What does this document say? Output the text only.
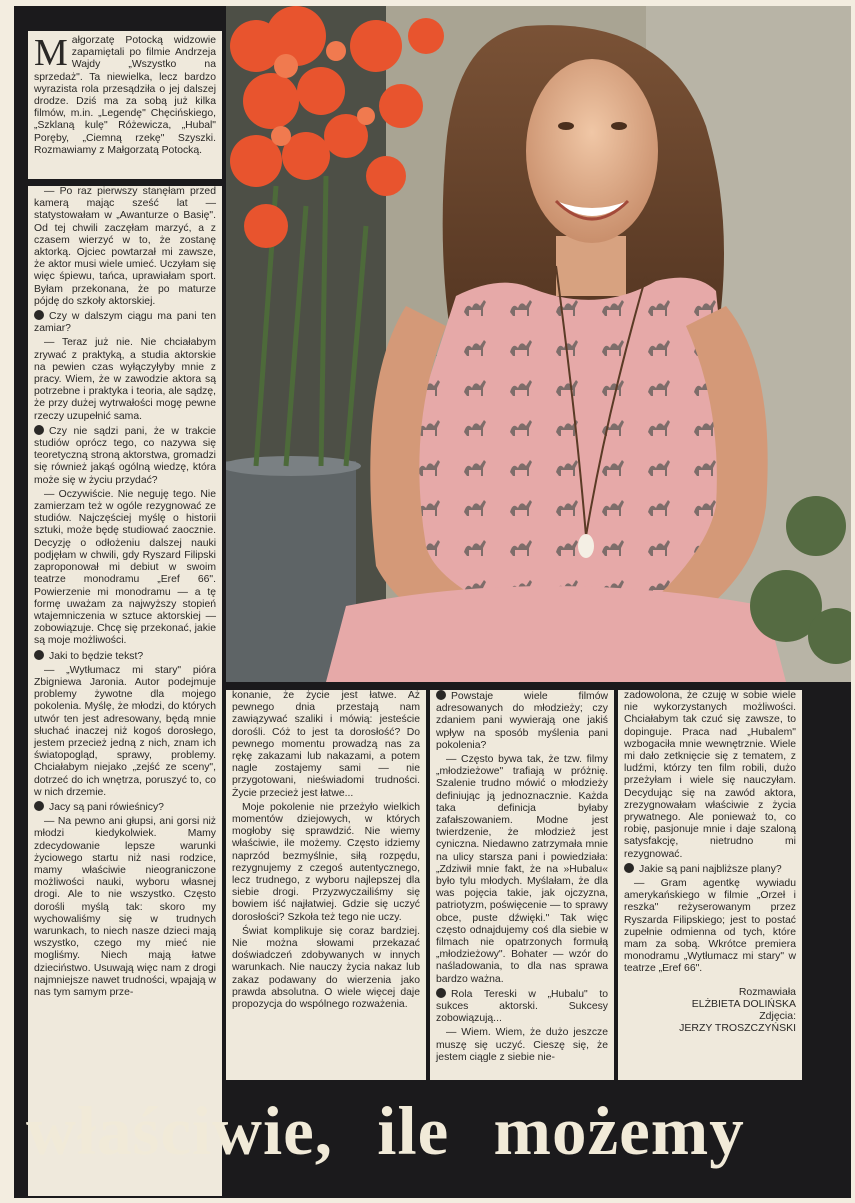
Małgorzatę Potocką widzowie zapamiętali po filmie Andrzeja Wajdy „Wszystko na sprzedaż". Ta niewielka, lecz bardzo wyrazista rola przesądziła o jej dalszej drodze. Dziś ma za sobą już kilka filmów, m.in. „Legendę" Chęcińskiego, „Szklaną kulę" Różewicza, „Hubal" Poręby, „Ciemną rzekę" Szyszki. Rozmawiamy z Małgorzatą Potocką.

— Po raz pierwszy stanęłam przed kamerą mając sześć lat — statystowałam w „Awanturze o Basię". Od tej chwili zaczęłam marzyć, a z czasem wierzyć w to, że zostanę aktorką. Ojciec powtarzał mi zawsze, że aktor musi wiele umieć. Uczyłam się więc śpiewu, tańca, uprawiałam sport. Byłam przekonana, że po maturze pójdę do szkoły aktorskiej.

Czy w dalszym ciągu ma pani ten zamiar?

— Teraz już nie. Nie chciałabym zrywać z praktyką, a studia aktorskie na pewien czas wyłączyłyby mnie z pracy. Wiem, że w zawodzie aktora są potrzebne i praktyka i teoria, ale sądzę, że przy dużej wytrwałości mogę pewne rzeczy uzupełnić sama.

Czy nie sądzi pani, że w trakcie studiów oprócz tego, co nazywa się teoretyczną stroną aktorstwa, gromadzi się również jakąś ogólną wiedzę, która może się w życiu przydać?

— Oczywiście. Nie neguję tego. Nie zamierzam też w ogóle rezygnować ze studiów. Najczęściej myślę o historii sztuki, może będę studiować zaocznie. Decyzję o odłożeniu dalszej nauki podjęłam w chwili, gdy Ryszard Filipski zaproponował mi debiut w swoim teatrze monodramu „Eref 66". Powierzenie mi monodramu — a tę formę uważam za najwyższy stopień wtajemniczenia w sztuce aktorskiej — zobowiązuje. Chcę się przekonać, jakie są moje możliwości.

Jaki to będzie tekst?

— „Wytłumacz mi stary" pióra Zbigniewa Jaronia. Autor podejmuje problemy żywotne dla mojego pokolenia. Myślę, że młodzi, do których utwór ten jest adresowany, będą mnie słuchać inaczej niż kogoś dorosłego, jestem przecież jedną z nich, znam ich światopogląd, sprawy, problemy. Chciałabym niejako „zejść ze sceny", dotrzeć do ich wnętrza, poruszyć to, co w nich drzemie.

Jacy są pani rówieśnicy?

— Na pewno ani głupsi, ani gorsi niż młodzi kiedykolwiek. Mamy zdecydowanie lepsze warunki życiowego startu niż nasi rodzice, mamy właściwie nieograniczone możliwości nauki, wyboru własnej drogi. Ale to nie wszystko. Często dorośli myślą tak: skoro my wychowaliśmy się w trudnych warunkach, to niech nasze dzieci mają wszystko, czego my mieć nie mogliśmy. Niech mają łatwe dzieciństwo. Usuwają więc nam z drogi najmniejsze nawet trudności, wpajają w nas tym samym prze-

konanie, że życie jest łatwe. Aż pewnego dnia przestają nam zawiązywać szaliki i mówią: jesteście dorośli. Cóż to jest ta dorosłość? Do pewnego momentu prowadzą nas za rękę zakazami lub nakazami, a potem nagle zostajemy sami — nie przygotowani, nieświadomi trudności. Życie przecież jest łatwe...

Moje pokolenie nie przeżyło wielkich momentów dziejowych, w których mogłoby się sprawdzić. Nie wiemy właściwie, ile możemy. Często idziemy naprzód bezmyślnie, siłą rozpędu, rezygnujemy z czegoś autentycznego, lecz trudnego, z wyboru najlepszej dla siebie drogi. Przyzwyczailiśmy się bowiem iść najłatwiej. Gdzie się uczyć dorosłości? Szkoła też tego nie uczy.

Świat komplikuje się coraz bardziej. Nie można słowami przekazać doświadczeń zdobywanych w innych warunkach. Nie nauczy życia nakaz lub zakaz podawany do wierzenia jako prawda absolutna. O wiele więcej daje propozycja do wspólnego rozważenia.

Powstaje wiele filmów adresowanych do młodzieży; czy zdaniem pani wywierają one jakiś wpływ na sposób myślenia pani pokolenia?

— Często bywa tak, że tzw. filmy „młodzieżowe" trafiają w próżnię. Szalenie trudno mówić o młodzieży definiując ją jednoznacznie. Każda taka definicja byłaby zafałszowaniem. Modne jest twierdzenie, że młodzież jest cyniczna. Niedawno zatrzymała mnie na ulicy starsza pani i powiedziała: „Zdziwił mnie fakt, że na »Hubalu« było tylu młodych. Myślałam, że dla was pojęcia takie, jak ojczyzna, patriotyzm, poświęcenie — to sprawy obce, puste dźwięki." Tak więc często odnajdujemy coś dla siebie w filmach nie opatrzonych formułą „młodzieżowy". Bohater — wzór do naśladowania, to dla nas sprawa bardzo ważna.

Rola Tereski w „Hubalu" to sukces aktorski. Sukcesy zobowiązują...

— Wiem. Wiem, że dużo jeszcze muszę się uczyć. Cieszę się, że jestem ciągle z siebie nie-

zadowolona, że czuję w sobie wiele nie wykorzystanych możliwości. Chciałabym tak czuć się zawsze, to dopinguje. Praca nad „Hubalem" wzbogaciła mnie wewnętrznie. Wiele mi dało zetknięcie się z tematem, z ludźmi, którzy ten film robili, dużo przeżyłam i wiele się nauczyłam. Decydując się na zawód aktora, zrezygnowałam właściwie z życia prywatnego. Ale ponieważ to, co robię, pasjonuje mnie i daje szaloną satysfakcję, nietrudno mi rezygnować.

Jakie są pani najbliższe plany?

— Gram agentkę wywiadu amerykańskiego w filmie „Orzeł i reszka" reżyserowanym przez Ryszarda Filipskiego; jest to postać zupełnie odmienna od tych, które mam za sobą. Wkrótce premiera monodramu „Wytłumacz mi stary" w teatrze „Eref 66".

Rozmawiała
ELŻBIETA DOLIŃSKA
Zdjęcia:
JERZY TROSZCZYŃSKI
właściwie, ile możemy
